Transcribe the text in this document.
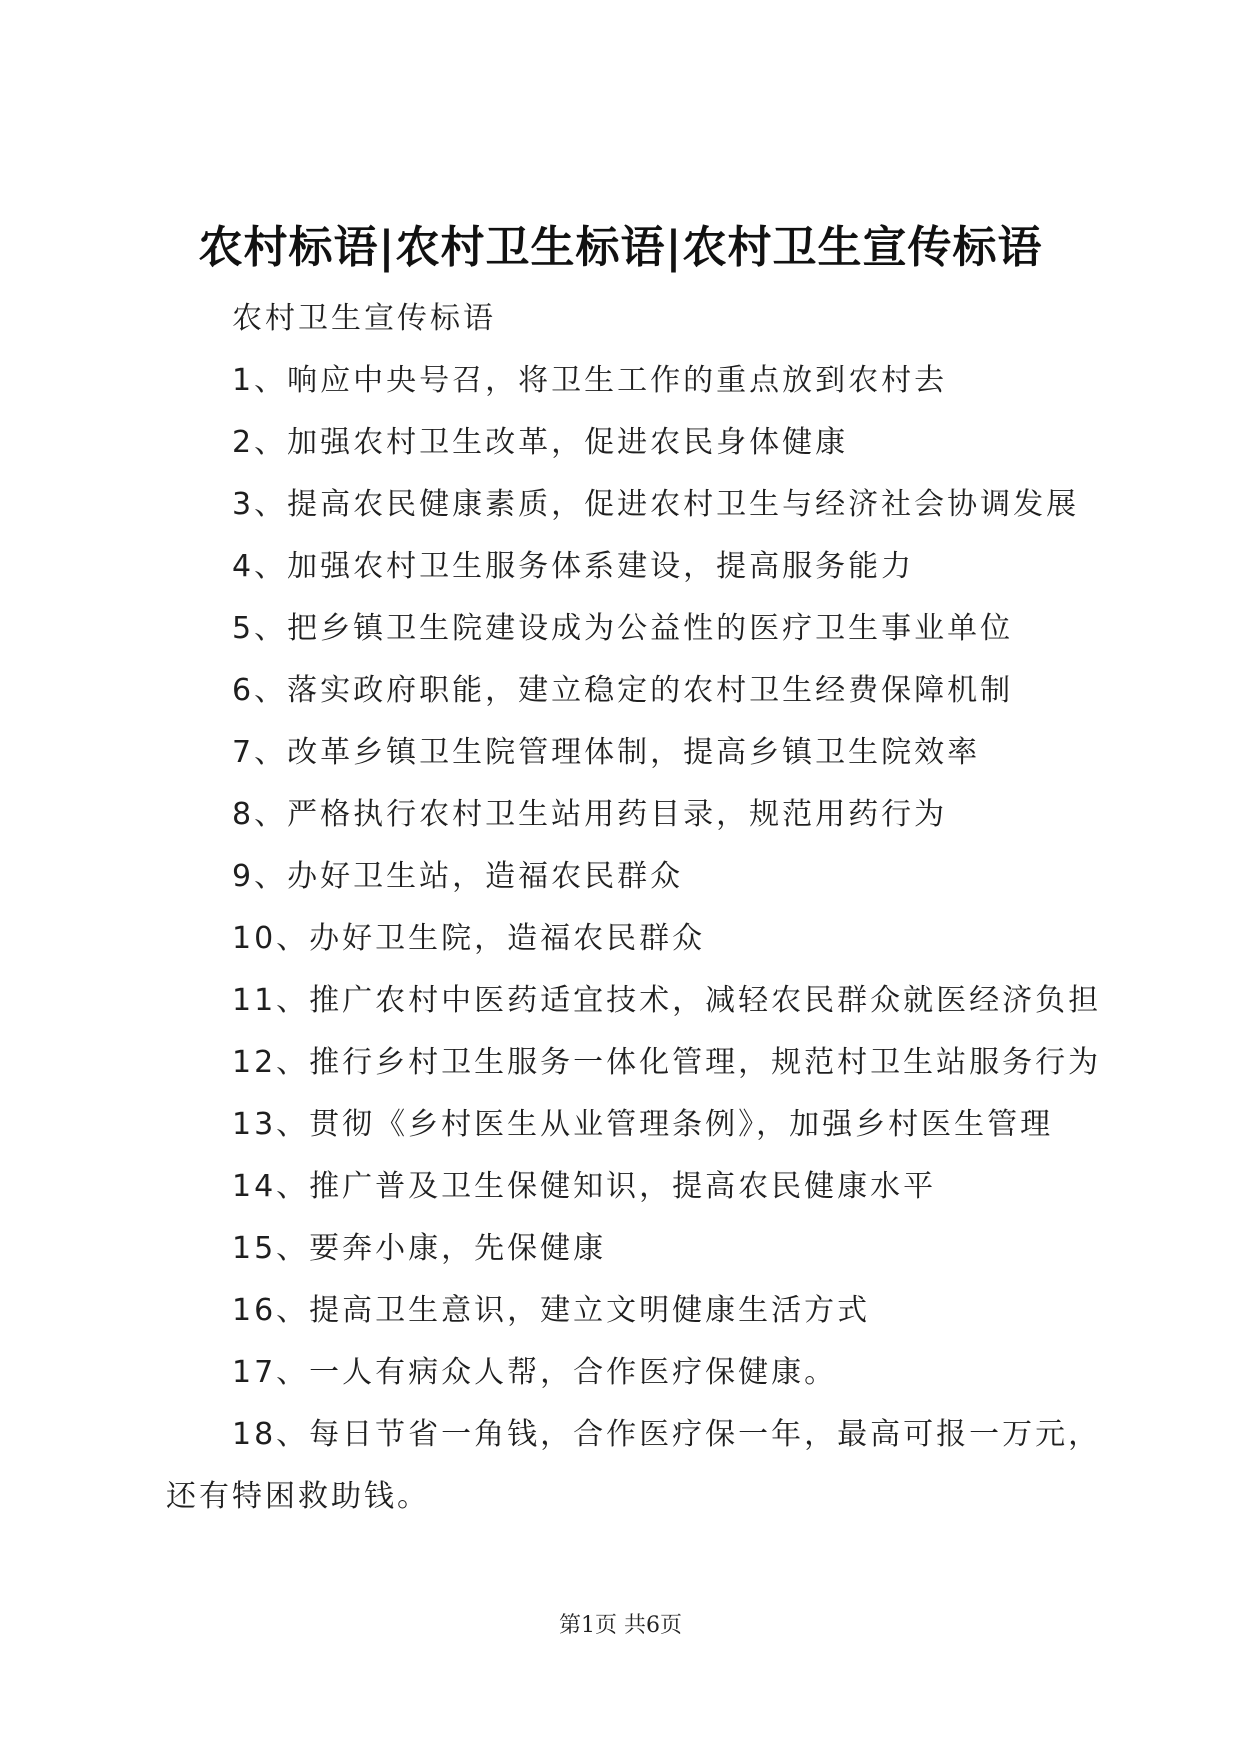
农村标语|农村卫生标语|农村卫生宣传标语
农村卫生宣传标语
1、响应中央号召，将卫生工作的重点放到农村去
2、加强农村卫生改革，促进农民身体健康
3、提高农民健康素质，促进农村卫生与经济社会协调发展
4、加强农村卫生服务体系建设，提高服务能力
5、把乡镇卫生院建设成为公益性的医疗卫生事业单位
6、落实政府职能，建立稳定的农村卫生经费保障机制
7、改革乡镇卫生院管理体制，提高乡镇卫生院效率
8、严格执行农村卫生站用药目录，规范用药行为
9、办好卫生站，造福农民群众
10、办好卫生院，造福农民群众
11、推广农村中医药适宜技术，减轻农民群众就医经济负担
12、推行乡村卫生服务一体化管理，规范村卫生站服务行为
13、贯彻《乡村医生从业管理条例》，加强乡村医生管理
14、推广普及卫生保健知识，提高农民健康水平
15、要奔小康，先保健康
16、提高卫生意识，建立文明健康生活方式
17、一人有病众人帮，合作医疗保健康。
18、每日节省一角钱，合作医疗保一年，最高可报一万元，
还有特困救助钱。
第1页 共6页
